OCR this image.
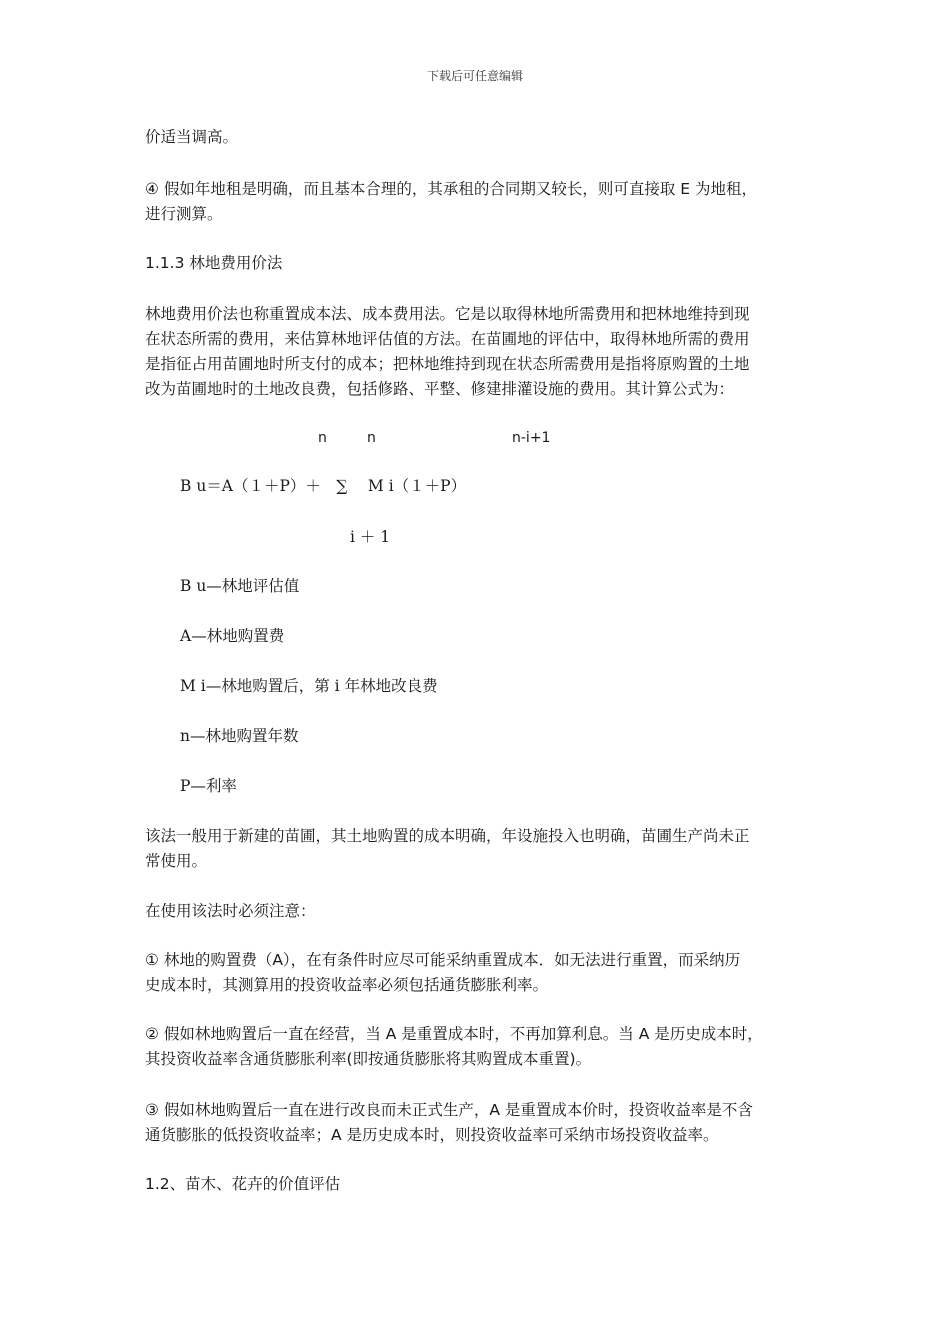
下载后可任意编辑

价适当调高。

④ 假如年地租是明确，而且基本合理的，其承租的合同期又较长，则可直接取 E 为地租，

进行测算。

1.1.3 林地费用价法

林地费用价法也称重置成本法、成本费用法。它是以取得林地所需费用和把林地维持到现

在状态所需的费用，来估算林地评估值的方法。在苗圃地的评估中，取得林地所需的费用

是指征占用苗圃地时所支付的成本；把林地维持到现在状态所需费用是指将原购置的土地

改为苗圃地时的土地改良费，包括修路、平整、修建排灌设施的费用。其计算公式为：

n	n	n-i+1
B u＝A（１＋P）＋　∑　 M i（１＋P）
i ＋ 1
B u—林地评估值
A—林地购置费
M i—林地购置后，第 i 年林地改良费
n—林地购置年数
P—利率

该法一般用于新建的苗圃，其土地购置的成本明确，年设施投入也明确，苗圃生产尚未正

常使用。

在使用该法时必须注意：

① 林地的购置费（A），在有条件时应尽可能采纳重置成本．如无法进行重置，而采纳历

史成本时，其测算用的投资收益率必须包括通货膨胀利率。

② 假如林地购置后一直在经营，当 A 是重置成本时，不再加算利息。当 A 是历史成本时，

其投资收益率含通货膨胀利率(即按通货膨胀将其购置成本重置)。

③ 假如林地购置后一直在进行改良而未正式生产，A 是重置成本价时，投资收益率是不含

通货膨胀的低投资收益率；A 是历史成本时，则投资收益率可采纳市场投资收益率。

1.2、苗木、花卉的价值评估
